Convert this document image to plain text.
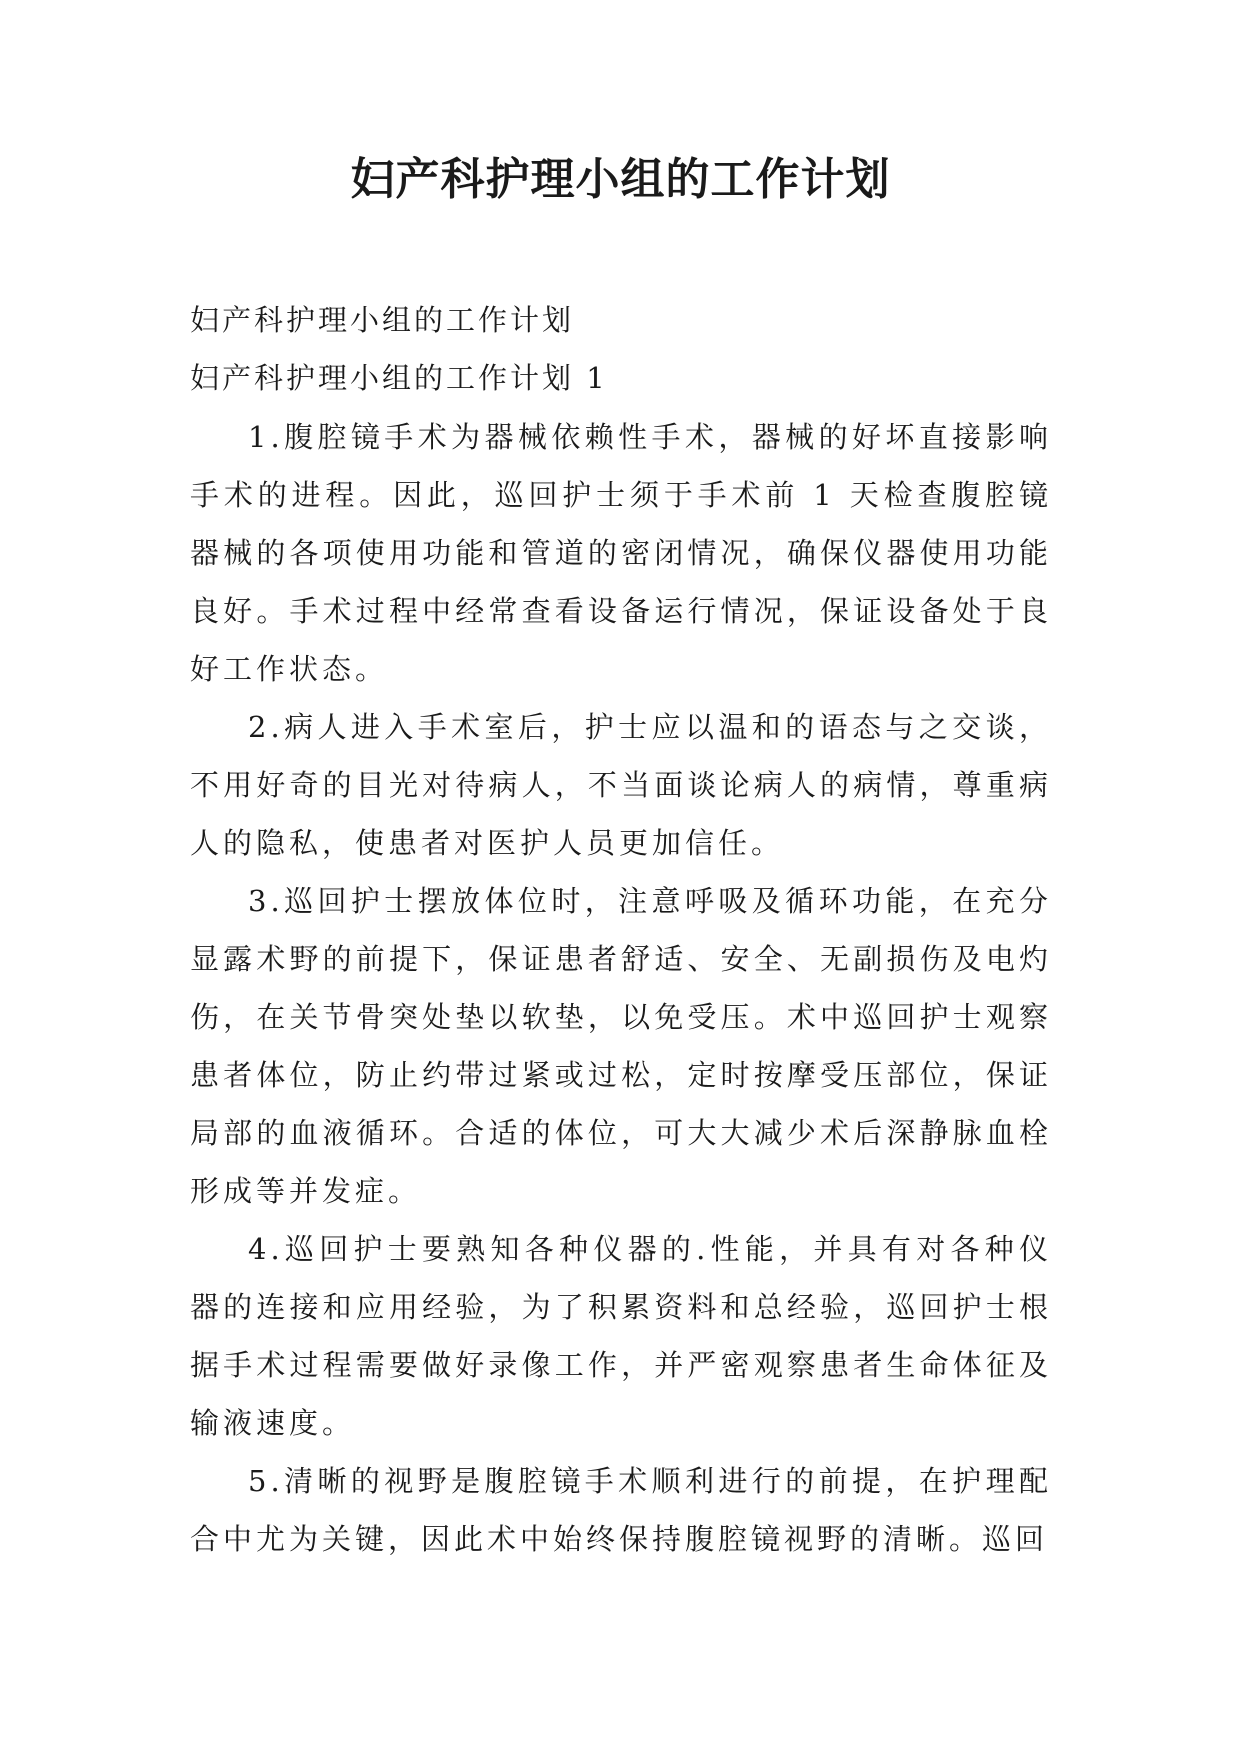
妇产科护理小组的工作计划

妇产科护理小组的工作计划

妇产科护理小组的工作计划 1

1.腹腔镜手术为器械依赖性手术，器械的好坏直接影响手术的进程。因此，巡回护士须于手术前 1 天检查腹腔镜器械的各项使用功能和管道的密闭情况，确保仪器使用功能良好。手术过程中经常查看设备运行情况，保证设备处于良好工作状态。

2.病人进入手术室后，护士应以温和的语态与之交谈，不用好奇的目光对待病人，不当面谈论病人的病情，尊重病人的隐私，使患者对医护人员更加信任。

3.巡回护士摆放体位时，注意呼吸及循环功能，在充分显露术野的前提下，保证患者舒适、安全、无副损伤及电灼伤，在关节骨突处垫以软垫，以免受压。术中巡回护士观察患者体位，防止约带过紧或过松，定时按摩受压部位，保证局部的血液循环。合适的体位，可大大减少术后深静脉血栓形成等并发症。

4.巡回护士要熟知各种仪器的.性能，并具有对各种仪器的连接和应用经验，为了积累资料和总经验，巡回护士根据手术过程需要做好录像工作，并严密观察患者生命体征及输液速度。

5.清晰的视野是腹腔镜手术顺利进行的前提，在护理配合中尤为关键，因此术中始终保持腹腔镜视野的清晰。巡回
